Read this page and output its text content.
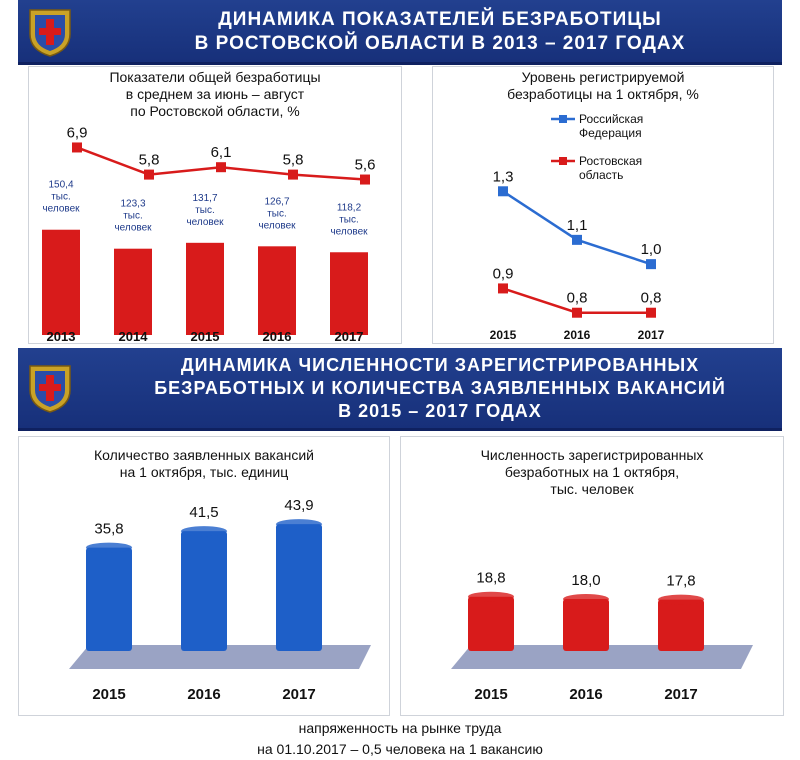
ДИНАМИКА ПОКАЗАТЕЛЕЙ БЕЗРАБОТИЦЫ
В РОСТОВСКОЙ ОБЛАСТИ В 2013 – 2017 ГОДАХ
Показатели общей безработицы
в среднем за июнь – август
по Ростовской области, %
150,4 тыс. человек
2013
123,3 тыс. человек
2014
131,7 тыс. человек
2015
126,7 тыс. человек
2016
118,2 тыс. человек
2017
6,9
5,8	6,1	5,8	5,6
Уровень регистрируемой
безработицы на 1 октября, %
Российская Федерация
1,3
1,1
1,0
Ростовская область
0,9
0,8	0,8
2015	2016	2017
ДИНАМИКА ЧИСЛЕННОСТИ ЗАРЕГИСТРИРОВАННЫХ
БЕЗРАБОТНЫХ И КОЛИЧЕСТВА ЗАЯВЛЕННЫХ ВАКАНСИЙ
В 2015 – 2017 ГОДАХ
Количество заявленных вакансий
на 1 октября, тыс. единиц
35,8
2015
41,5
2016
43,9
2017
Численность зарегистрированных
безработных на 1 октября,
тыс. человек
18,8
2015
18,0
2016
17,8
2017
напряженность на рынке труда
на 01.10.2017 – 0,5 человека на 1 вакансию
